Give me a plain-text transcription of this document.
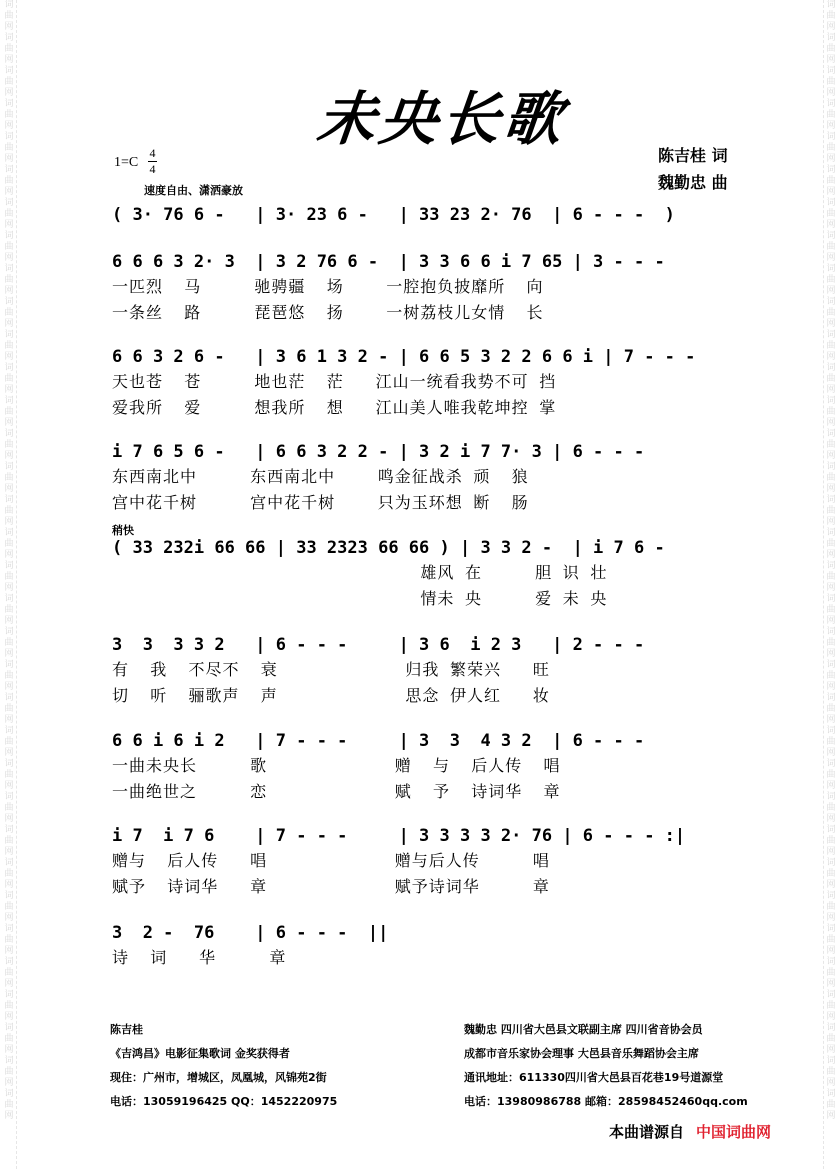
词曲网
词曲网
词曲网
词曲网
词曲网
词曲网
词曲网
词曲网
词曲网
词曲网
词曲网
词曲网
词曲网
词曲网
词曲网
词曲网
词曲网
词曲网
词曲网
词曲网
词曲网
词曲网
词曲网
词曲网
词曲网
词曲网
词曲网
词曲网
词曲网
词曲网
词曲网
词曲网
词曲网
词曲网

词曲网
词曲网
词曲网
词曲网
词曲网
词曲网
词曲网
词曲网
词曲网
词曲网
词曲网
词曲网
词曲网
词曲网
词曲网
词曲网
词曲网
词曲网
词曲网
词曲网
词曲网
词曲网
词曲网
词曲网
词曲网
词曲网
词曲网
词曲网
词曲网
词曲网
词曲网
词曲网
词曲网
词曲网

未央长歌
1=C
4
4
速度自由、潇洒豪放
陈吉桂 词
魏勤忠 曲
( 3· 76 6 -   | 3· 23 6 -   | 33 23 2· 76  | 6 - - -  )
6 6 6 3 2· 3  | 3 2 76 6 -  | 3 3 6 6 i 7 65 | 3 - - -
一匹烈  马     驰骋疆  场    一腔抱负披靡所  向
一条丝  路     琵琶悠  扬    一树荔枝儿女情  长
6 6 3 2 6 -   | 3 6 1 3 2 - | 6 6 5 3 2 2 6 6 i | 7 - - -
天也苍  苍     地也茫  茫   江山一统看我势不可 挡
爱我所  爱     想我所  想   江山美人唯我乾坤控 掌
i 7 6 5 6 -   | 6 6 3 2 2 - | 3 2 i 7 7· 3 | 6 - - -
东西南北中     东西南北中    鸣金征战杀 顽  狼
宫中花千树     宫中花千树    只为玉环想 断  肠
( 33 232i 66 66 | 33 2323 66 66 ) | 3 3 2 -  | i 7 6 -
雄风 在     胆 识 壮
情未 央     爱 未 央
3  3  3 3 2   | 6 - - -     | 3 6  i 2 3   | 2 - - -
有  我  不尽不  衰            归我 繁荣兴   旺
切  听  骊歌声  声            思念 伊人红   妆
6 6 i 6 i 2   | 7 - - -     | 3  3  4 3 2  | 6 - - -
一曲未央长     歌            赠  与  后人传  唱
一曲绝世之     恋            赋  予  诗词华  章
i 7  i 7 6    | 7 - - -     | 3 3 3 3 2· 76 | 6 - - - :|
赠与  后人传   唱            赠与后人传     唱
赋予  诗词华   章            赋予诗词华     章
3  2 -  76    | 6 - - -  ||
诗  词   华     章
稍快
陈吉桂
《吉鸿昌》电影征集歌词 金奖获得者
现住：广州市，增城区，凤凰城，风锦苑2街
电话：13059196425 QQ：1452220975
魏勤忠 四川省大邑县文联副主席 四川省音协会员
成都市音乐家协会理事 大邑县音乐舞蹈协会主席
通讯地址：611330四川省大邑县百花巷19号道源堂
电话：13980986788 邮箱：28598452460qq.com
本曲谱源自 中国词曲网
